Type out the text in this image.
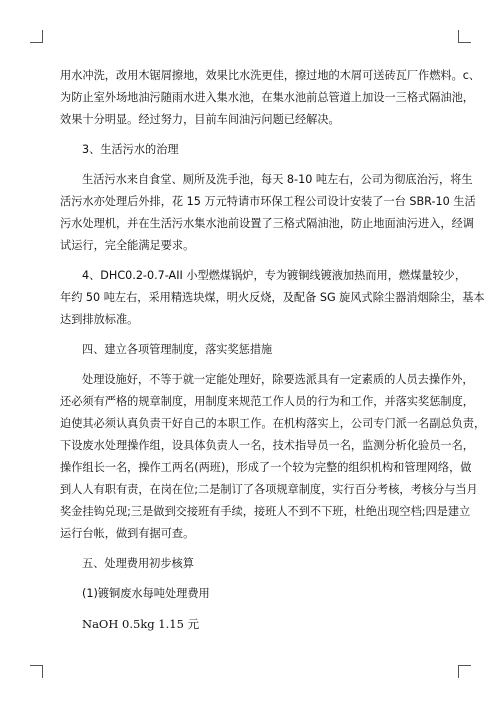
用水冲洗，改用木锯屑擦地，效果比水洗更佳，擦过地的木屑可送砖瓦厂作燃料。c、
为防止室外场地油污随雨水进入集水池，在集水池前总管道上加设一三格式隔油池，
效果十分明显。经过努力，目前车间油污问题已经解决。
3、生活污水的治理
生活污水来自食堂、厕所及洗手池，每天 8-10 吨左右，公司为彻底治污，将生
活污水亦处理后外排，花 15 万元特请市环保工程公司设计安装了一台 SBR-10 生活
污水处理机，并在生活污水集水池前设置了三格式隔油池，防止地面油污进入，经调
试运行，完全能满足要求。
4、DHC0.2-0.7-AII 小型燃煤锅炉，专为镀铜线镀液加热而用，燃煤量较少，
年约 50 吨左右，采用精选块煤，明火反烧，及配备 SG 旋风式除尘器消烟除尘，基本
达到排放标准。
四、建立各项管理制度，落实奖惩措施
处理设施好，不等于就一定能处理好，除要选派具有一定素质的人员去操作外，
还必须有严格的规章制度，用制度来规范工作人员的行为和工作，并落实奖惩制度，
迫使其必须认真负责干好自己的本职工作。在机构落实上，公司专门派一名副总负责，
下设废水处理操作组，设具体负责人一名，技术指导员一名，监测分析化验员一名，
操作组长一名，操作工两名(两班)，形成了一个较为完整的组织机构和管理网络，做
到人人有职有责，在岗在位;二是制订了各项规章制度，实行百分考核，考核分与当月
奖金挂钩兑现;三是做到交接班有手续，接班人不到不下班，杜绝出现空档;四是建立
运行台帐，做到有据可查。
五、处理费用初步核算
(1)镀铜废水每吨处理费用
NaOH 0.5kg 1.15 元
